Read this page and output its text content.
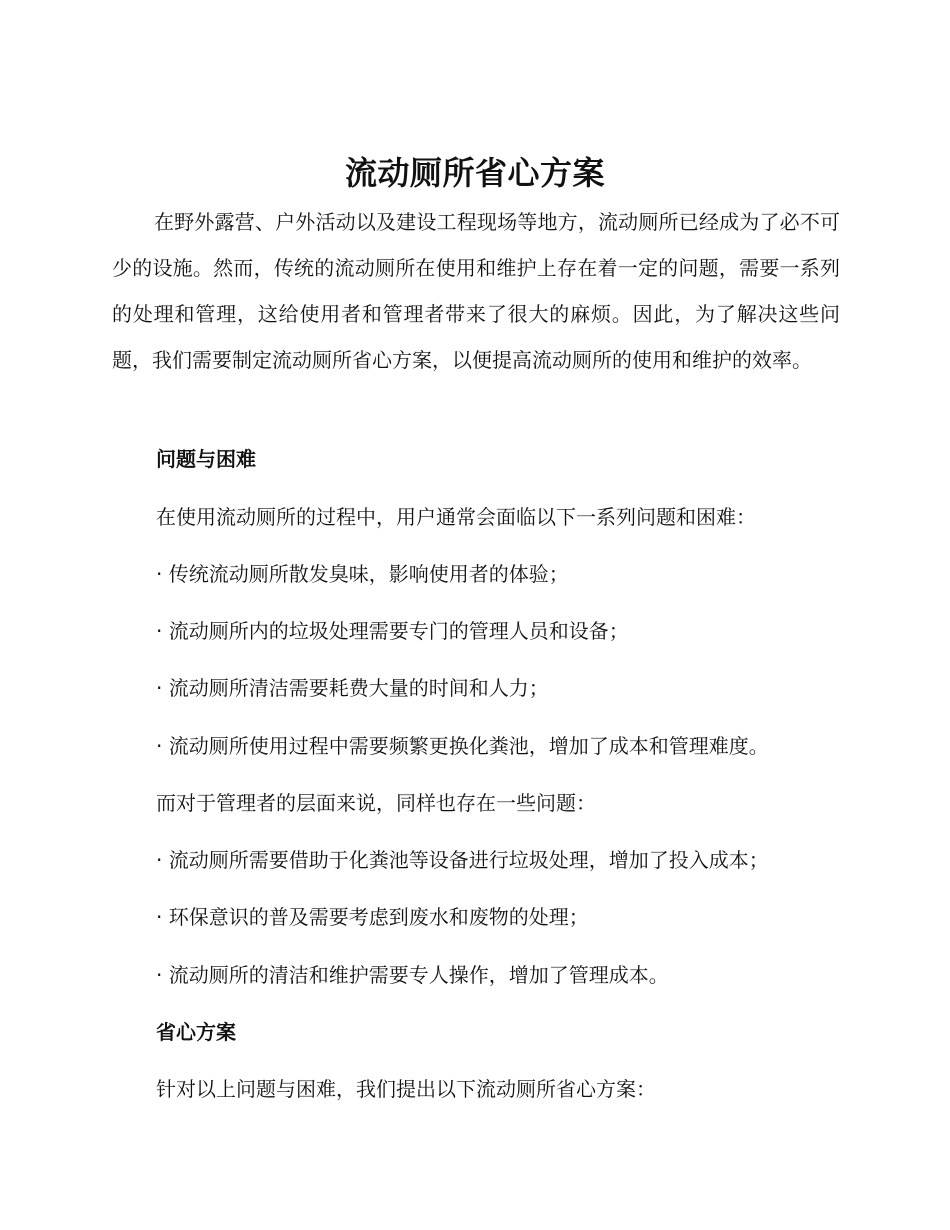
流动厕所省心方案

在野外露营、户外活动以及建设工程现场等地方，流动厕所已经成为了必不可少的设施。然而，传统的流动厕所在使用和维护上存在着一定的问题，需要一系列的处理和管理，这给使用者和管理者带来了很大的麻烦。因此，为了解决这些问题，我们需要制定流动厕所省心方案，以便提高流动厕所的使用和维护的效率。

问题与困难

在使用流动厕所的过程中，用户通常会面临以下一系列问题和困难：

· 传统流动厕所散发臭味，影响使用者的体验；

· 流动厕所内的垃圾处理需要专门的管理人员和设备；

· 流动厕所清洁需要耗费大量的时间和人力；

· 流动厕所使用过程中需要频繁更换化粪池，增加了成本和管理难度。

而对于管理者的层面来说，同样也存在一些问题：

· 流动厕所需要借助于化粪池等设备进行垃圾处理，增加了投入成本；

· 环保意识的普及需要考虑到废水和废物的处理；

· 流动厕所的清洁和维护需要专人操作，增加了管理成本。

省心方案

针对以上问题与困难，我们提出以下流动厕所省心方案：
